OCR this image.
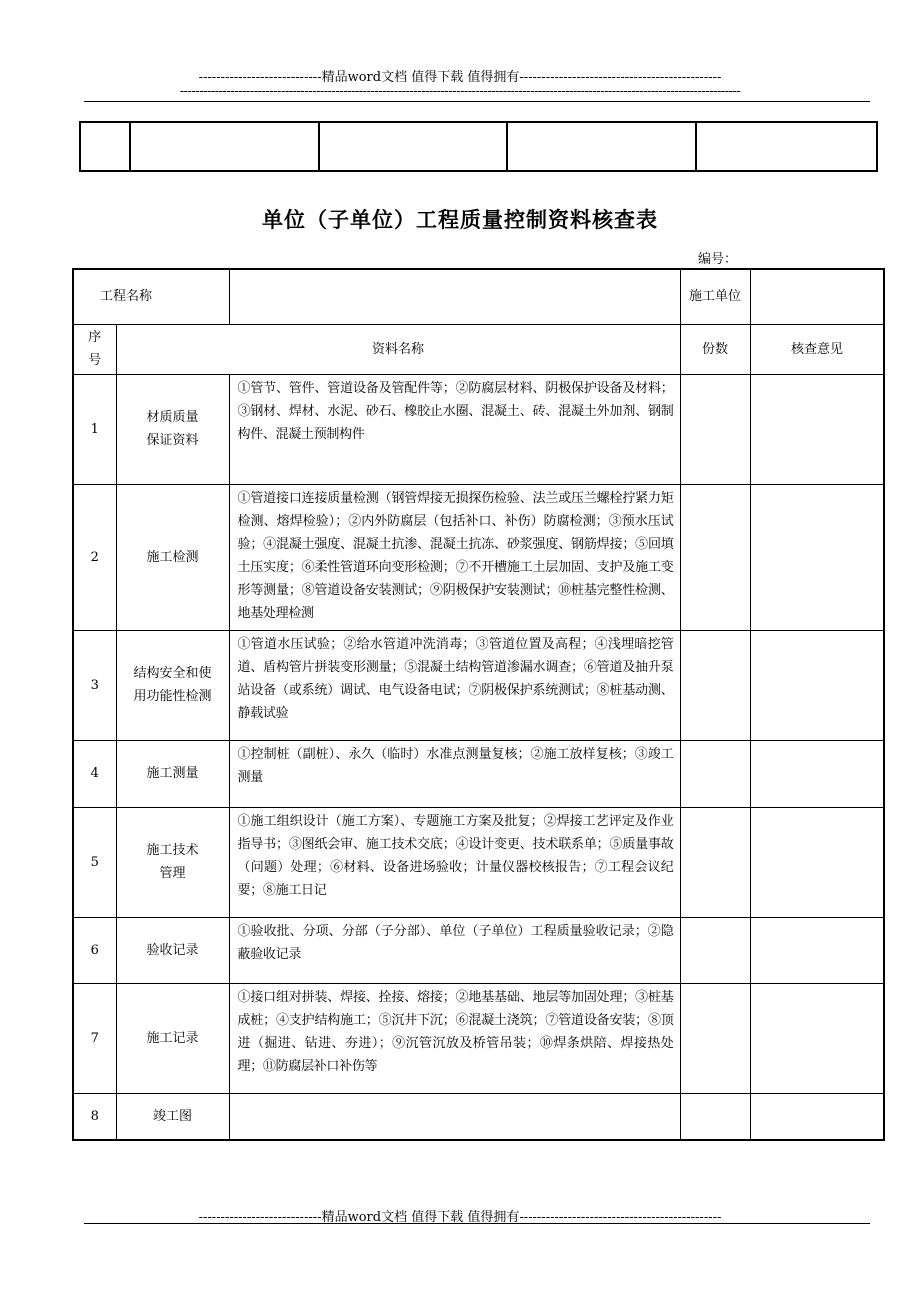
----------------------------精品word文档 值得下载 值得拥有----------------------------------------------
------------------------------------------------------------------------------------------------------------------------------------------------

单位（子单位）工程质量控制资料核查表
编号：
工程名称			施工单位	
序号	资料名称		份数	核查意见
1	材质质量保证资料	①管节、管件、管道设备及管配件等；②防腐层材料、阴极保护设备及材料；③钢材、焊材、水泥、砂石、橡胶止水圈、混凝土、砖、混凝土外加剂、钢制构件、混凝土预制构件		
2	施工检测	①管道接口连接质量检测（钢管焊接无损探伤检验、法兰或压兰螺栓拧紧力矩检测、熔焊检验）；②内外防腐层（包括补口、补伤）防腐检测；③预水压试验；④混凝土强度、混凝土抗渗、混凝土抗冻、砂浆强度、钢筋焊接；⑤回填土压实度；⑥柔性管道环向变形检测；⑦不开槽施工土层加固、支护及施工变形等测量；⑧管道设备安装测试；⑨阴极保护安装测试；⑩桩基完整性检测、地基处理检测		
3	结构安全和使用功能性检测	①管道水压试验；②给水管道冲洗消毒；③管道位置及高程；④浅埋暗挖管道、盾构管片拼装变形测量；⑤混凝土结构管道渗漏水调查；⑥管道及抽升泵站设备（或系统）调试、电气设备电试；⑦阴极保护系统测试；⑧桩基动测、静载试验		
4	施工测量	①控制桩（副桩）、永久（临时）水准点测量复核；②施工放样复核；③竣工测量		
5	施工技术管理	①施工组织设计（施工方案）、专题施工方案及批复；②焊接工艺评定及作业指导书；③图纸会审、施工技术交底；④设计变更、技术联系单；⑤质量事故（问题）处理；⑥材料、设备进场验收；计量仪器校核报告；⑦工程会议纪要；⑧施工日记		
6	验收记录	①验收批、分项、分部（子分部）、单位（子单位）工程质量验收记录；②隐蔽验收记录		
7	施工记录	①接口组对拼装、焊接、拴接、熔接；②地基基础、地层等加固处理；③桩基成桩；④支护结构施工；⑤沉井下沉；⑥混凝土浇筑；⑦管道设备安装；⑧顶进（掘进、钻进、夯进）；⑨沉管沉放及桥管吊装；⑩焊条烘陪、焊接热处理；⑪防腐层补口补伤等		
8	竣工图			
----------------------------精品word文档 值得下载 值得拥有----------------------------------------------
